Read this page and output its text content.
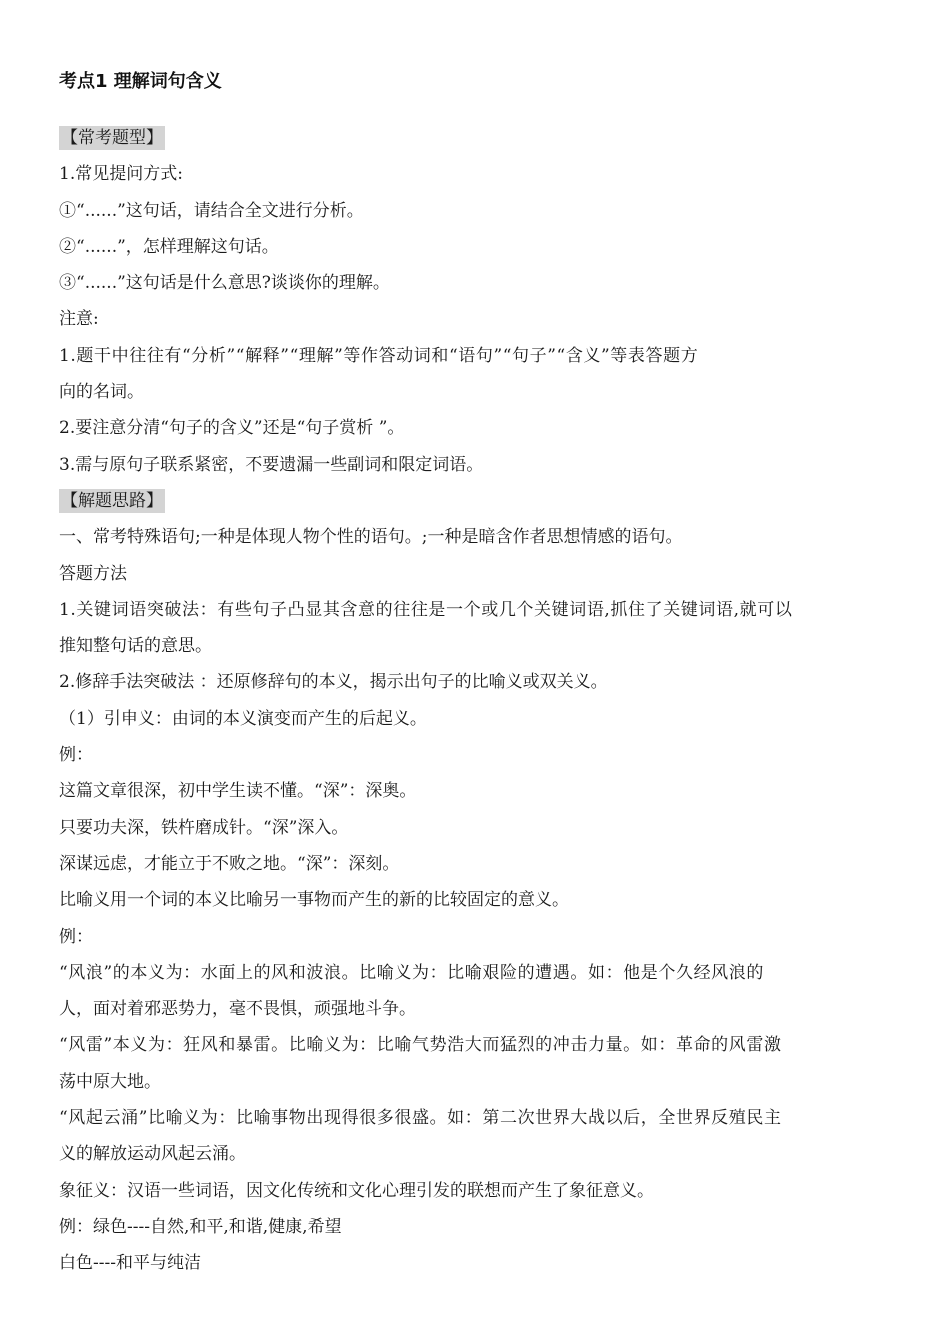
考点1 理解词句含义
【常考题型】
1.常见提问方式:
①“......”这句话，请结合全文进行分析。
②“......”，怎样理解这句话。
③“......”这句话是什么意思?谈谈你的理解。
注意:
1.题干中往往有“分析”“解释”“理解”等作答动词和“语句”“句子”“含义”等表答题方
向的名词。
2.要注意分清“句子的含义”还是“句子赏析 ”。
3.需与原句子联系紧密，不要遗漏一些副词和限定词语。
【解题思路】
一、常考特殊语句;一种是体现人物个性的语句。;一种是暗含作者思想情感的语句。
答题方法
1.关键词语突破法：有些句子凸显其含意的往往是一个或几个关键词语,抓住了关键词语,就可以
推知整句话的意思。
2.修辞手法突破法 ：还原修辞句的本义，揭示出句子的比喻义或双关义。
（1）引申义：由词的本义演变而产生的后起义。
例：
这篇文章很深，初中学生读不懂。“深”：深奥。
只要功夫深，铁杵磨成针。“深”深入。
深谋远虑，才能立于不败之地。“深”：深刻。
比喻义用一个词的本义比喻另一事物而产生的新的比较固定的意义。
例：
“风浪”的本义为：水面上的风和波浪。比喻义为：比喻艰险的遭遇。如：他是个久经风浪的
人，面对着邪恶势力，毫不畏惧，顽强地斗争。
“风雷”本义为：狂风和暴雷。比喻义为：比喻气势浩大而猛烈的冲击力量。如：革命的风雷激
荡中原大地。
“风起云涌”比喻义为：比喻事物出现得很多很盛。如：第二次世界大战以后，全世界反殖民主
义的解放运动风起云涌。
象征义：汉语一些词语，因文化传统和文化心理引发的联想而产生了象征意义。
例：绿色----自然,和平,和谐,健康,希望
白色----和平与纯洁
